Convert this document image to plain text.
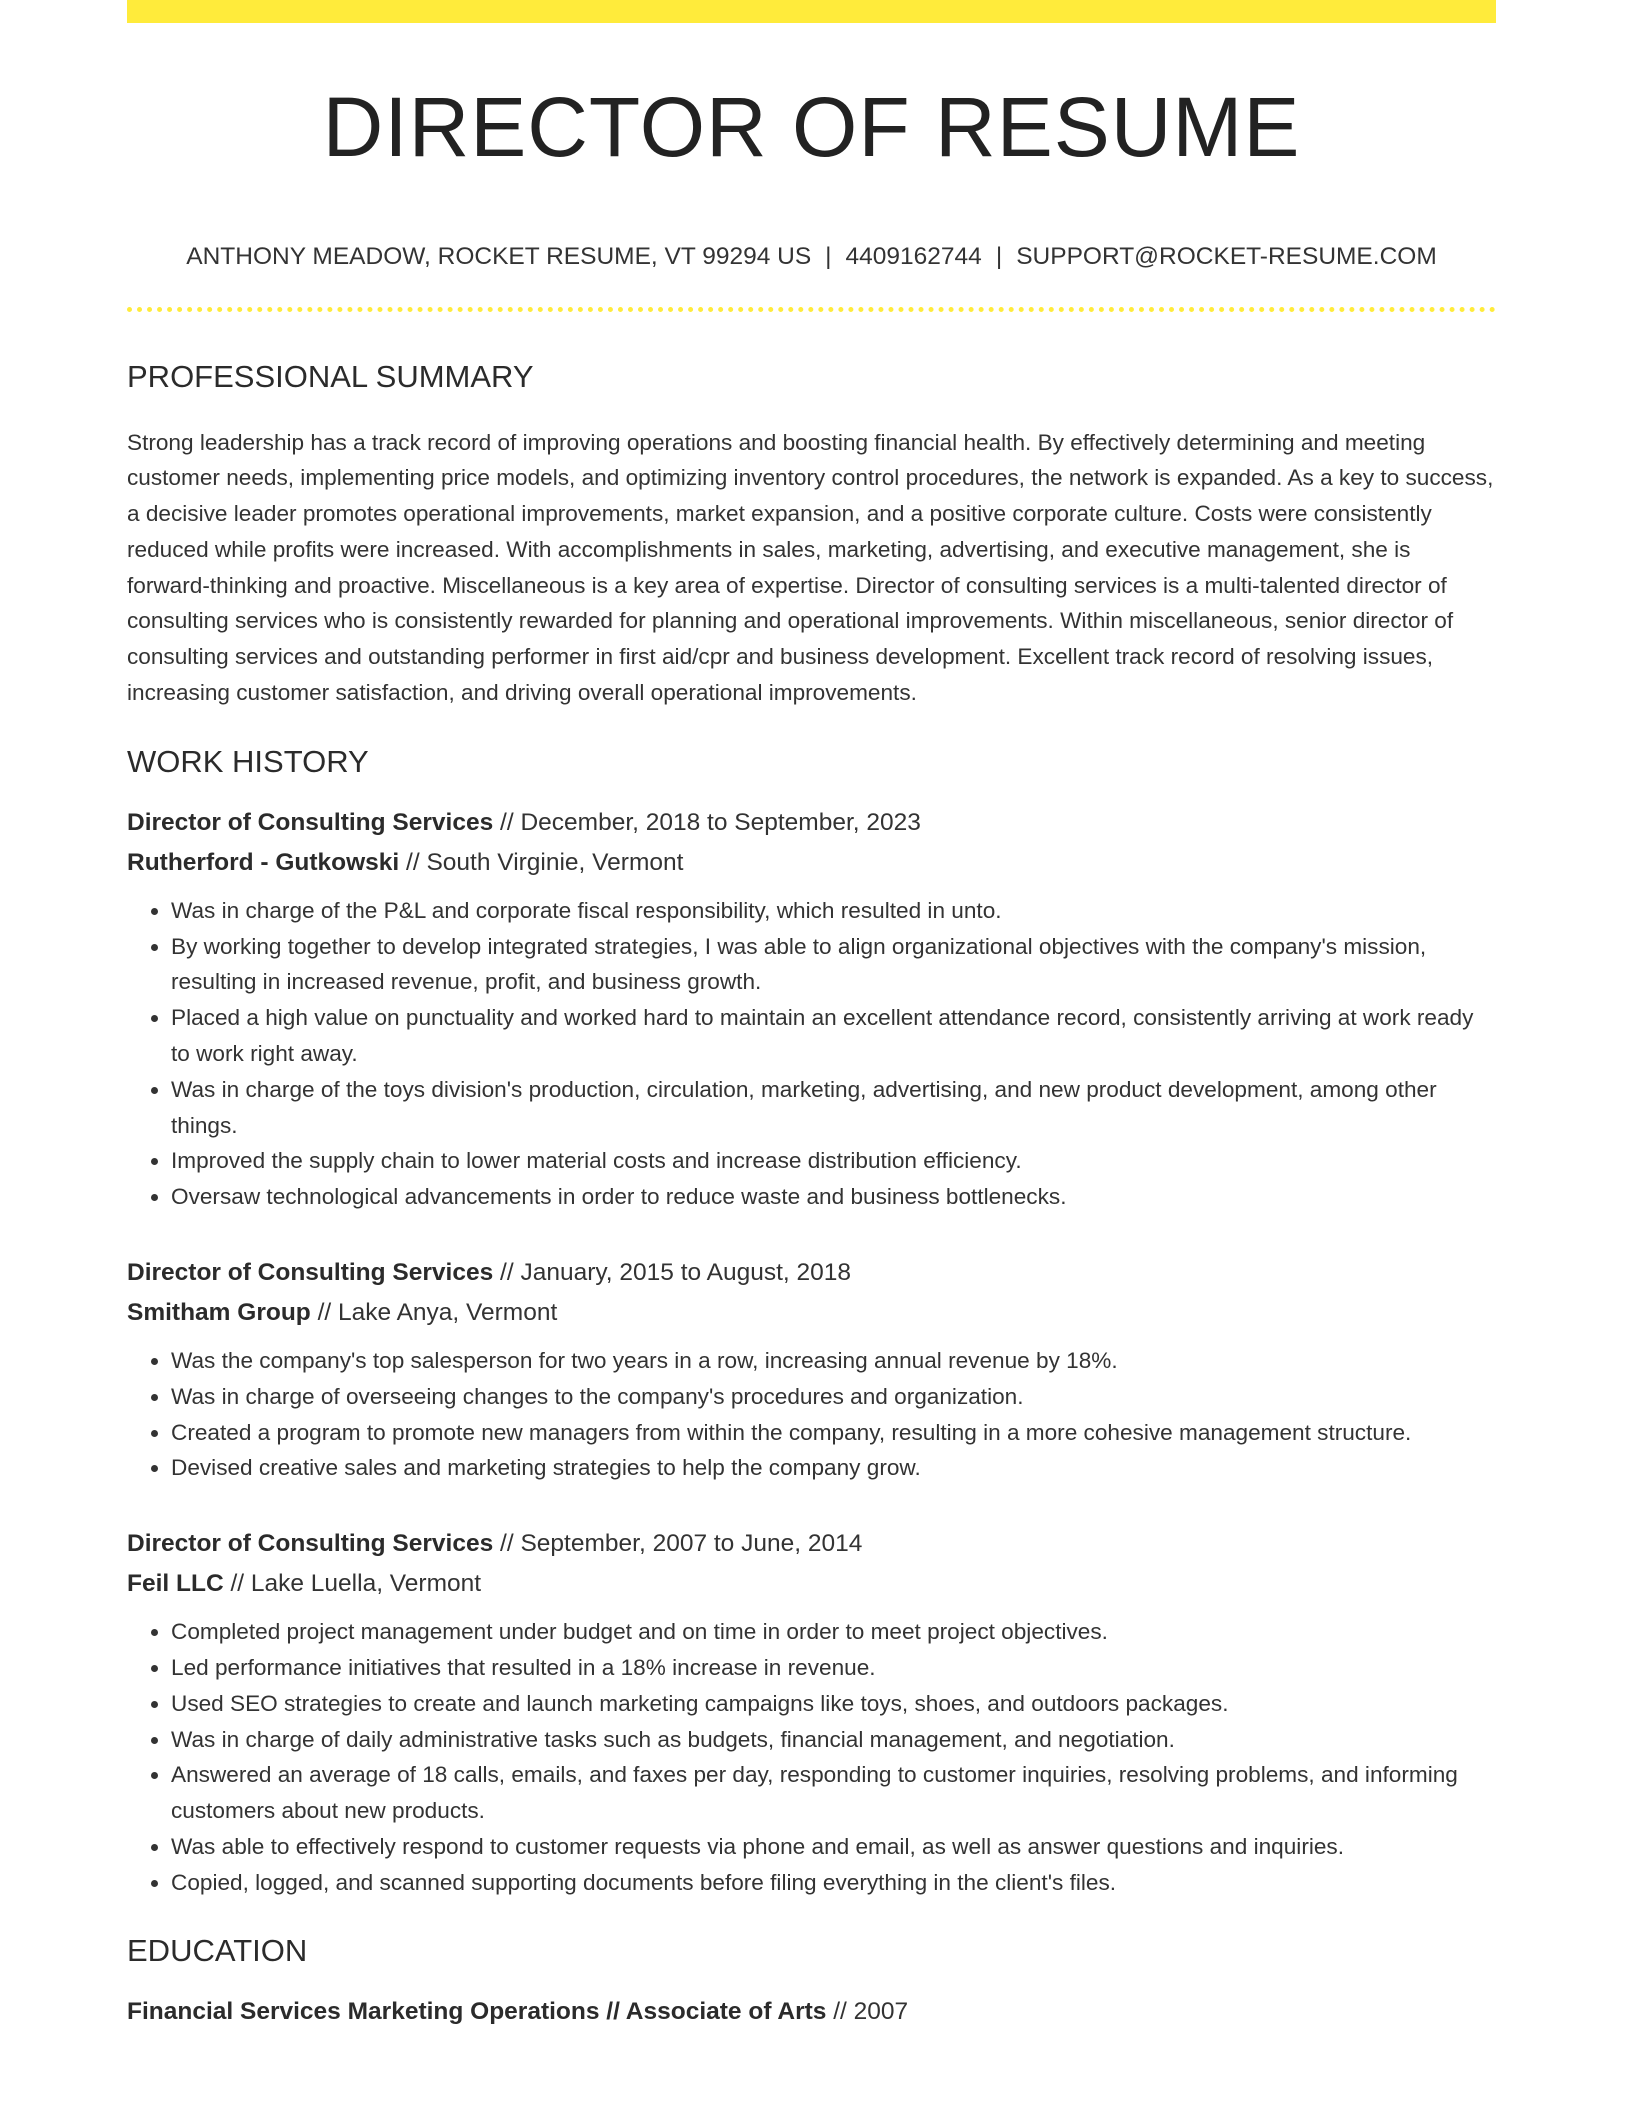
DIRECTOR OF RESUME
ANTHONY MEADOW, ROCKET RESUME, VT 99294 US | 4409162744 | SUPPORT@ROCKET-RESUME.COM
PROFESSIONAL SUMMARY

Strong leadership has a track record of improving operations and boosting financial health. By effectively determining and meeting customer needs, implementing price models, and optimizing inventory control procedures, the network is expanded. As a key to success, a decisive leader promotes operational improvements, market expansion, and a positive corporate culture. Costs were consistently reduced while profits were increased. With accomplishments in sales, marketing, advertising, and executive management, she is forward-thinking and proactive. Miscellaneous is a key area of expertise. Director of consulting services is a multi-talented director of consulting services who is consistently rewarded for planning and operational improvements. Within miscellaneous, senior director of consulting services and outstanding performer in first aid/cpr and business development. Excellent track record of resolving issues, increasing customer satisfaction, and driving overall operational improvements.

WORK HISTORY
Director of Consulting Services // December, 2018 to September, 2023
Rutherford - Gutkowski // South Virginie, Vermont
• Was in charge of the P&L and corporate fiscal responsibility, which resulted in unto.
• By working together to develop integrated strategies, I was able to align organizational objectives with the company's mission, resulting in increased revenue, profit, and business growth.
• Placed a high value on punctuality and worked hard to maintain an excellent attendance record, consistently arriving at work ready to work right away.
• Was in charge of the toys division's production, circulation, marketing, advertising, and new product development, among other things.
• Improved the supply chain to lower material costs and increase distribution efficiency.
• Oversaw technological advancements in order to reduce waste and business bottlenecks.
Director of Consulting Services // January, 2015 to August, 2018
Smitham Group // Lake Anya, Vermont
• Was the company's top salesperson for two years in a row, increasing annual revenue by 18%.
• Was in charge of overseeing changes to the company's procedures and organization.
• Created a program to promote new managers from within the company, resulting in a more cohesive management structure.
• Devised creative sales and marketing strategies to help the company grow.
Director of Consulting Services // September, 2007 to June, 2014
Feil LLC // Lake Luella, Vermont
• Completed project management under budget and on time in order to meet project objectives.
• Led performance initiatives that resulted in a 18% increase in revenue.
• Used SEO strategies to create and launch marketing campaigns like toys, shoes, and outdoors packages.
• Was in charge of daily administrative tasks such as budgets, financial management, and negotiation.
• Answered an average of 18 calls, emails, and faxes per day, responding to customer inquiries, resolving problems, and informing customers about new products.
• Was able to effectively respond to customer requests via phone and email, as well as answer questions and inquiries.
• Copied, logged, and scanned supporting documents before filing everything in the client's files.
EDUCATION
Financial Services Marketing Operations // Associate of Arts // 2007
